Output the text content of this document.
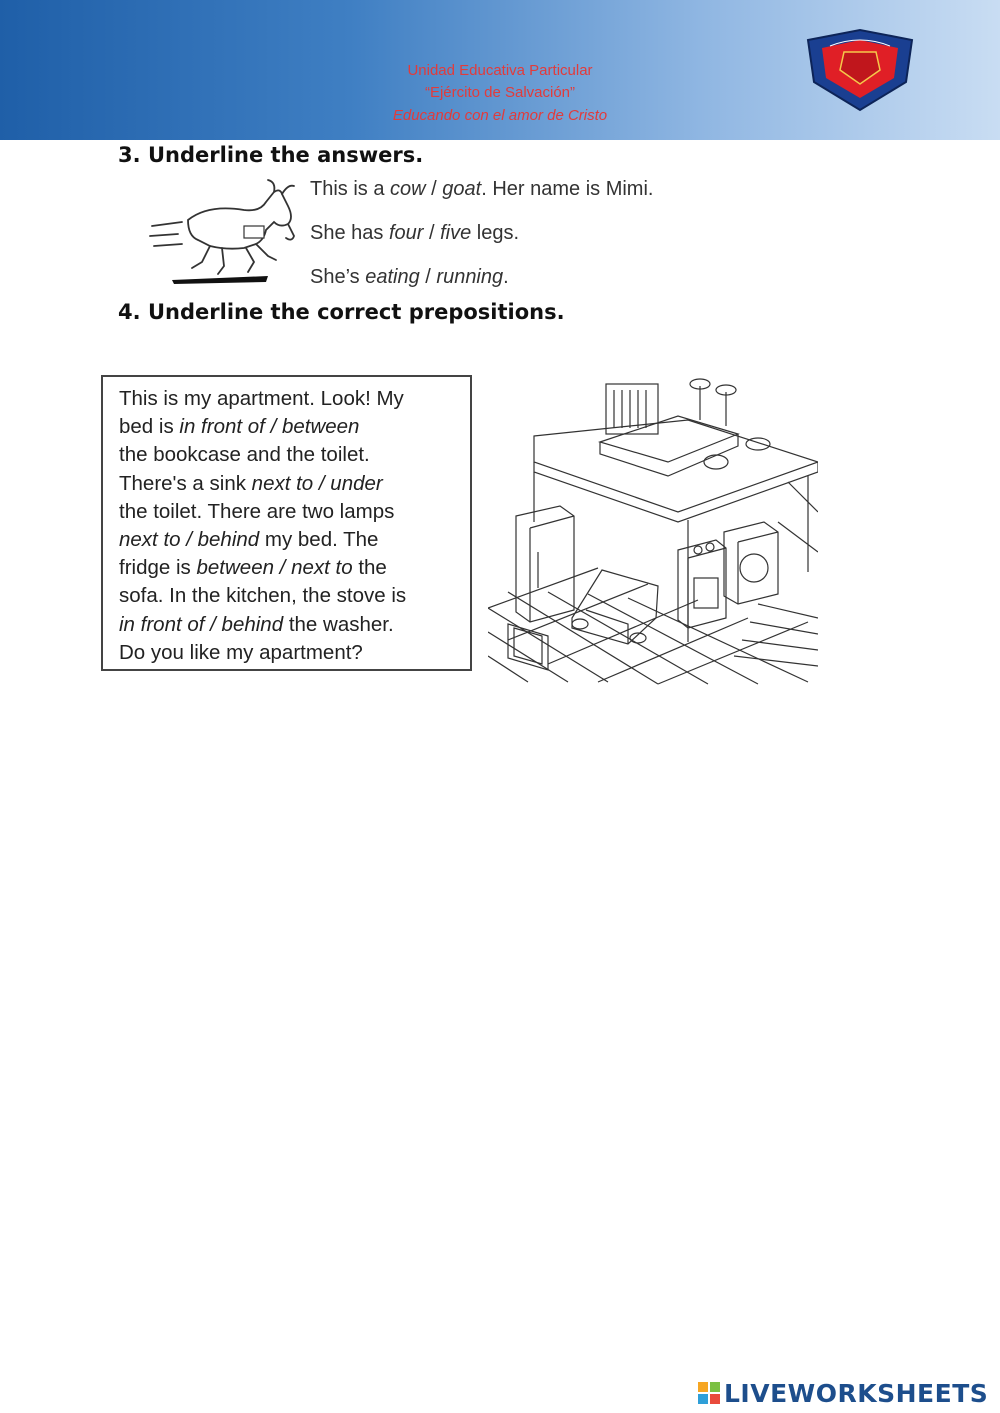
Unidad Educativa Particular
“Ejército de Salvación”
Educando con el amor de Cristo
3. Underline the answers.
This is a cow / goat. Her name is Mimi.
She has four / five legs.
She’s eating / running.
4. Underline the correct prepositions.
This is my apartment. Look! My
bed is in front of / between
the bookcase and the toilet.
There's a sink next to / under
the toilet. There are two lamps
next to / behind my bed. The
fridge is between / next to the
sofa. In the kitchen, the stove is
in front of / behind the washer.
Do you like my apartment?
LIVEWORKSHEETS
